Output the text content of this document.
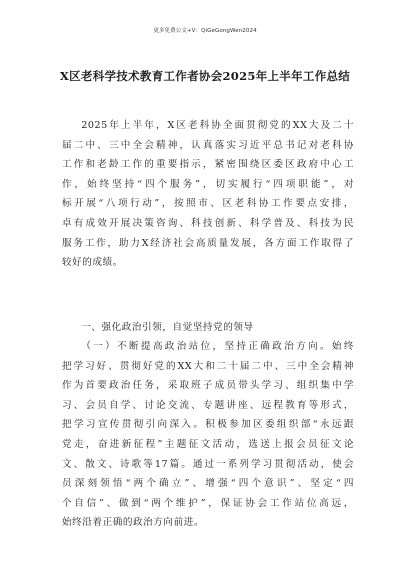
更多免费公文+V：QiGeGongWen2024
X区老科学技术教育工作者协会2025年上半年工作总结

2025年上半年，X区老科协全面贯彻党的XX大及二十
届二中、三中全会精神，认真落实习近平总书记对老科协
工作和老龄工作的重要指示，紧密围绕区委区政府中心工
作，始终坚持“四个服务”，切实履行“四项职能”，对
标开展“八项行动”，按照市、区老科协工作要点安排，
卓有成效开展决策咨询、科技创新、科学普及、科技为民
服务工作，助力X经济社会高质量发展，各方面工作取得了
较好的成绩。

一、强化政治引领，自觉坚持党的领导

（一）不断提高政治站位，坚持正确政治方向。始终
把学习好、贯彻好党的XX大和二十届二中、三中全会精神
作为首要政治任务，采取班子成员带头学习、组织集中学
习、会员自学、讨论交流、专题讲座、远程教育等形式，
把学习宣传贯彻引向深入。积极参加区委组织部“永远跟
党走，奋进新征程”主题征文活动，选送上报会员征文论
文、散文、诗歌等17篇。通过一系列学习贯彻活动，使会
员深刻领悟“两个确立”、增强“四个意识”、坚定“四
个自信”、做到“两个维护”，保证协会工作站位高远，
始终沿着正确的政治方向前进。
